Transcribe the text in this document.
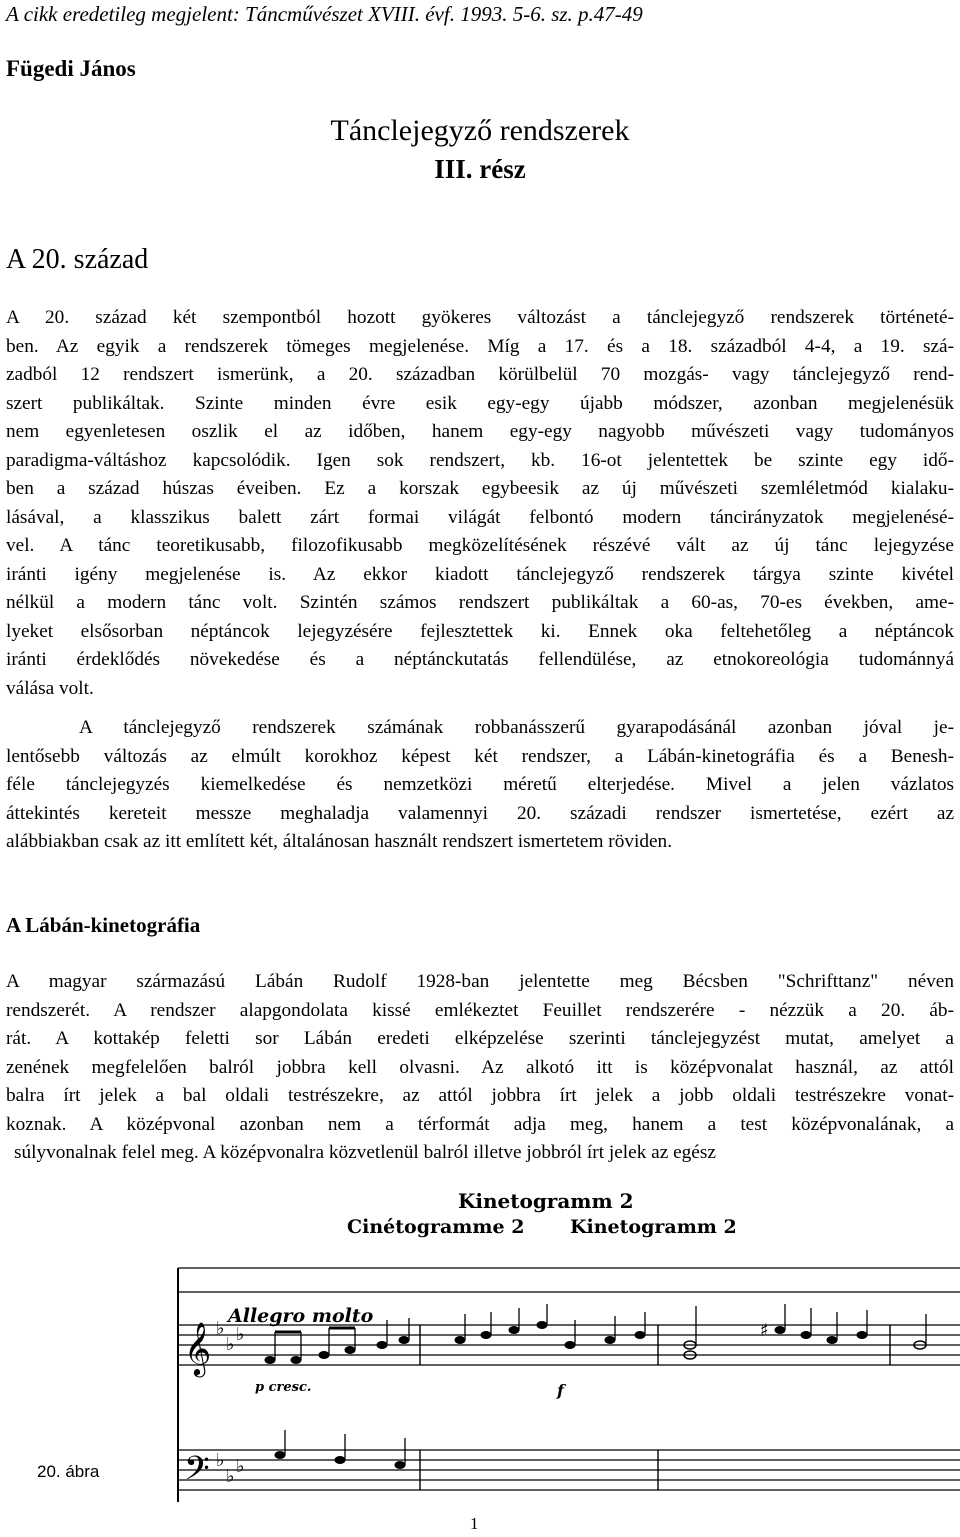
A cikk eredetileg megjelent: Táncművészet XVIII. évf. 1993. 5-6. sz. p.47-49
Fügedi János
Tánclejegyző rendszerek
III. rész
A 20. század
A 20. század két szempontból hozott gyökeres változást a tánclejegyző rendszerek történeté-
ben. Az egyik a rendszerek tömeges megjelenése. Míg a 17. és a 18. századból 4-4, a 19. szá-
zadból 12 rendszert ismerünk, a 20. században körülbelül 70 mozgás- vagy tánclejegyző rend-
szert publikáltak. Szinte minden évre esik egy-egy újabb módszer, azonban megjelenésük
nem egyenletesen oszlik el az időben, hanem egy-egy nagyobb művészeti vagy tudományos
paradigma-váltáshoz kapcsolódik. Igen sok rendszert, kb. 16-ot jelentettek be szinte egy idő-
ben a század húszas éveiben. Ez a korszak egybeesik az új művészeti szemléletmód kialaku-
lásával, a klasszikus balett zárt formai világát felbontó modern táncirányzatok megjelenésé-
vel. A tánc teoretikusabb, filozofikusabb megközelítésének részévé vált az új tánc lejegyzése
iránti igény megjelenése is. Az ekkor kiadott tánclejegyző rendszerek tárgya szinte kivétel
nélkül a modern tánc volt. Szintén számos rendszert publikáltak a 60-as, 70-es években, ame-
lyeket elsősorban néptáncok lejegyzésére fejlesztettek ki. Ennek oka feltehetőleg a néptáncok
iránti érdeklődés növekedése és a néptánckutatás fellendülése, az etnokoreológia tudománnyá
válása volt.
A tánclejegyző rendszerek számának robbanásszerű gyarapodásánál azonban jóval je-
lentősebb változás az elmúlt korokhoz képest két rendszer, a Lábán-kinetográfia és a Benesh-
féle tánclejegyzés kiemelkedése és nemzetközi méretű elterjedése. Mivel a jelen vázlatos
áttekintés kereteit messze meghaladja valamennyi 20. századi rendszer ismertetése, ezért az
alábbiakban csak az itt említett két, általánosan használt rendszert ismertetem röviden.
A Lábán-kinetográfia
A magyar származású Lábán Rudolf 1928-ban jelentette meg Bécsben "Schrifttanz" néven
rendszerét. A rendszer alapgondolata kissé emlékeztet Feuillet rendszerére - nézzük a 20. áb-
rát. A kottakép feletti sor Lábán eredeti elképzelése szerinti tánclejegyzést mutat, amelyet a
zenének megfelelően balról jobbra kell olvasni. Az alkotó itt is középvonalat használ, az attól
balra írt jelek a bal oldali testrészekre, az attól jobbra írt jelek a jobb oldali testrészekre vonat-
koznak. A középvonal azonban nem a térformát adja meg, hanem a test középvonalának, a
súlyvonalnak felel meg. A középvonalra közvetlenül balról illetve jobbról írt jelek az egész
Kinetogramm 2
Cinétogramme 2 Kinetogramm 2
𝄞
𝄢
♭
♭ ♭
♭
♭ ♭
♯
Allegro molto
p cresc.	f
20. ábra
1
